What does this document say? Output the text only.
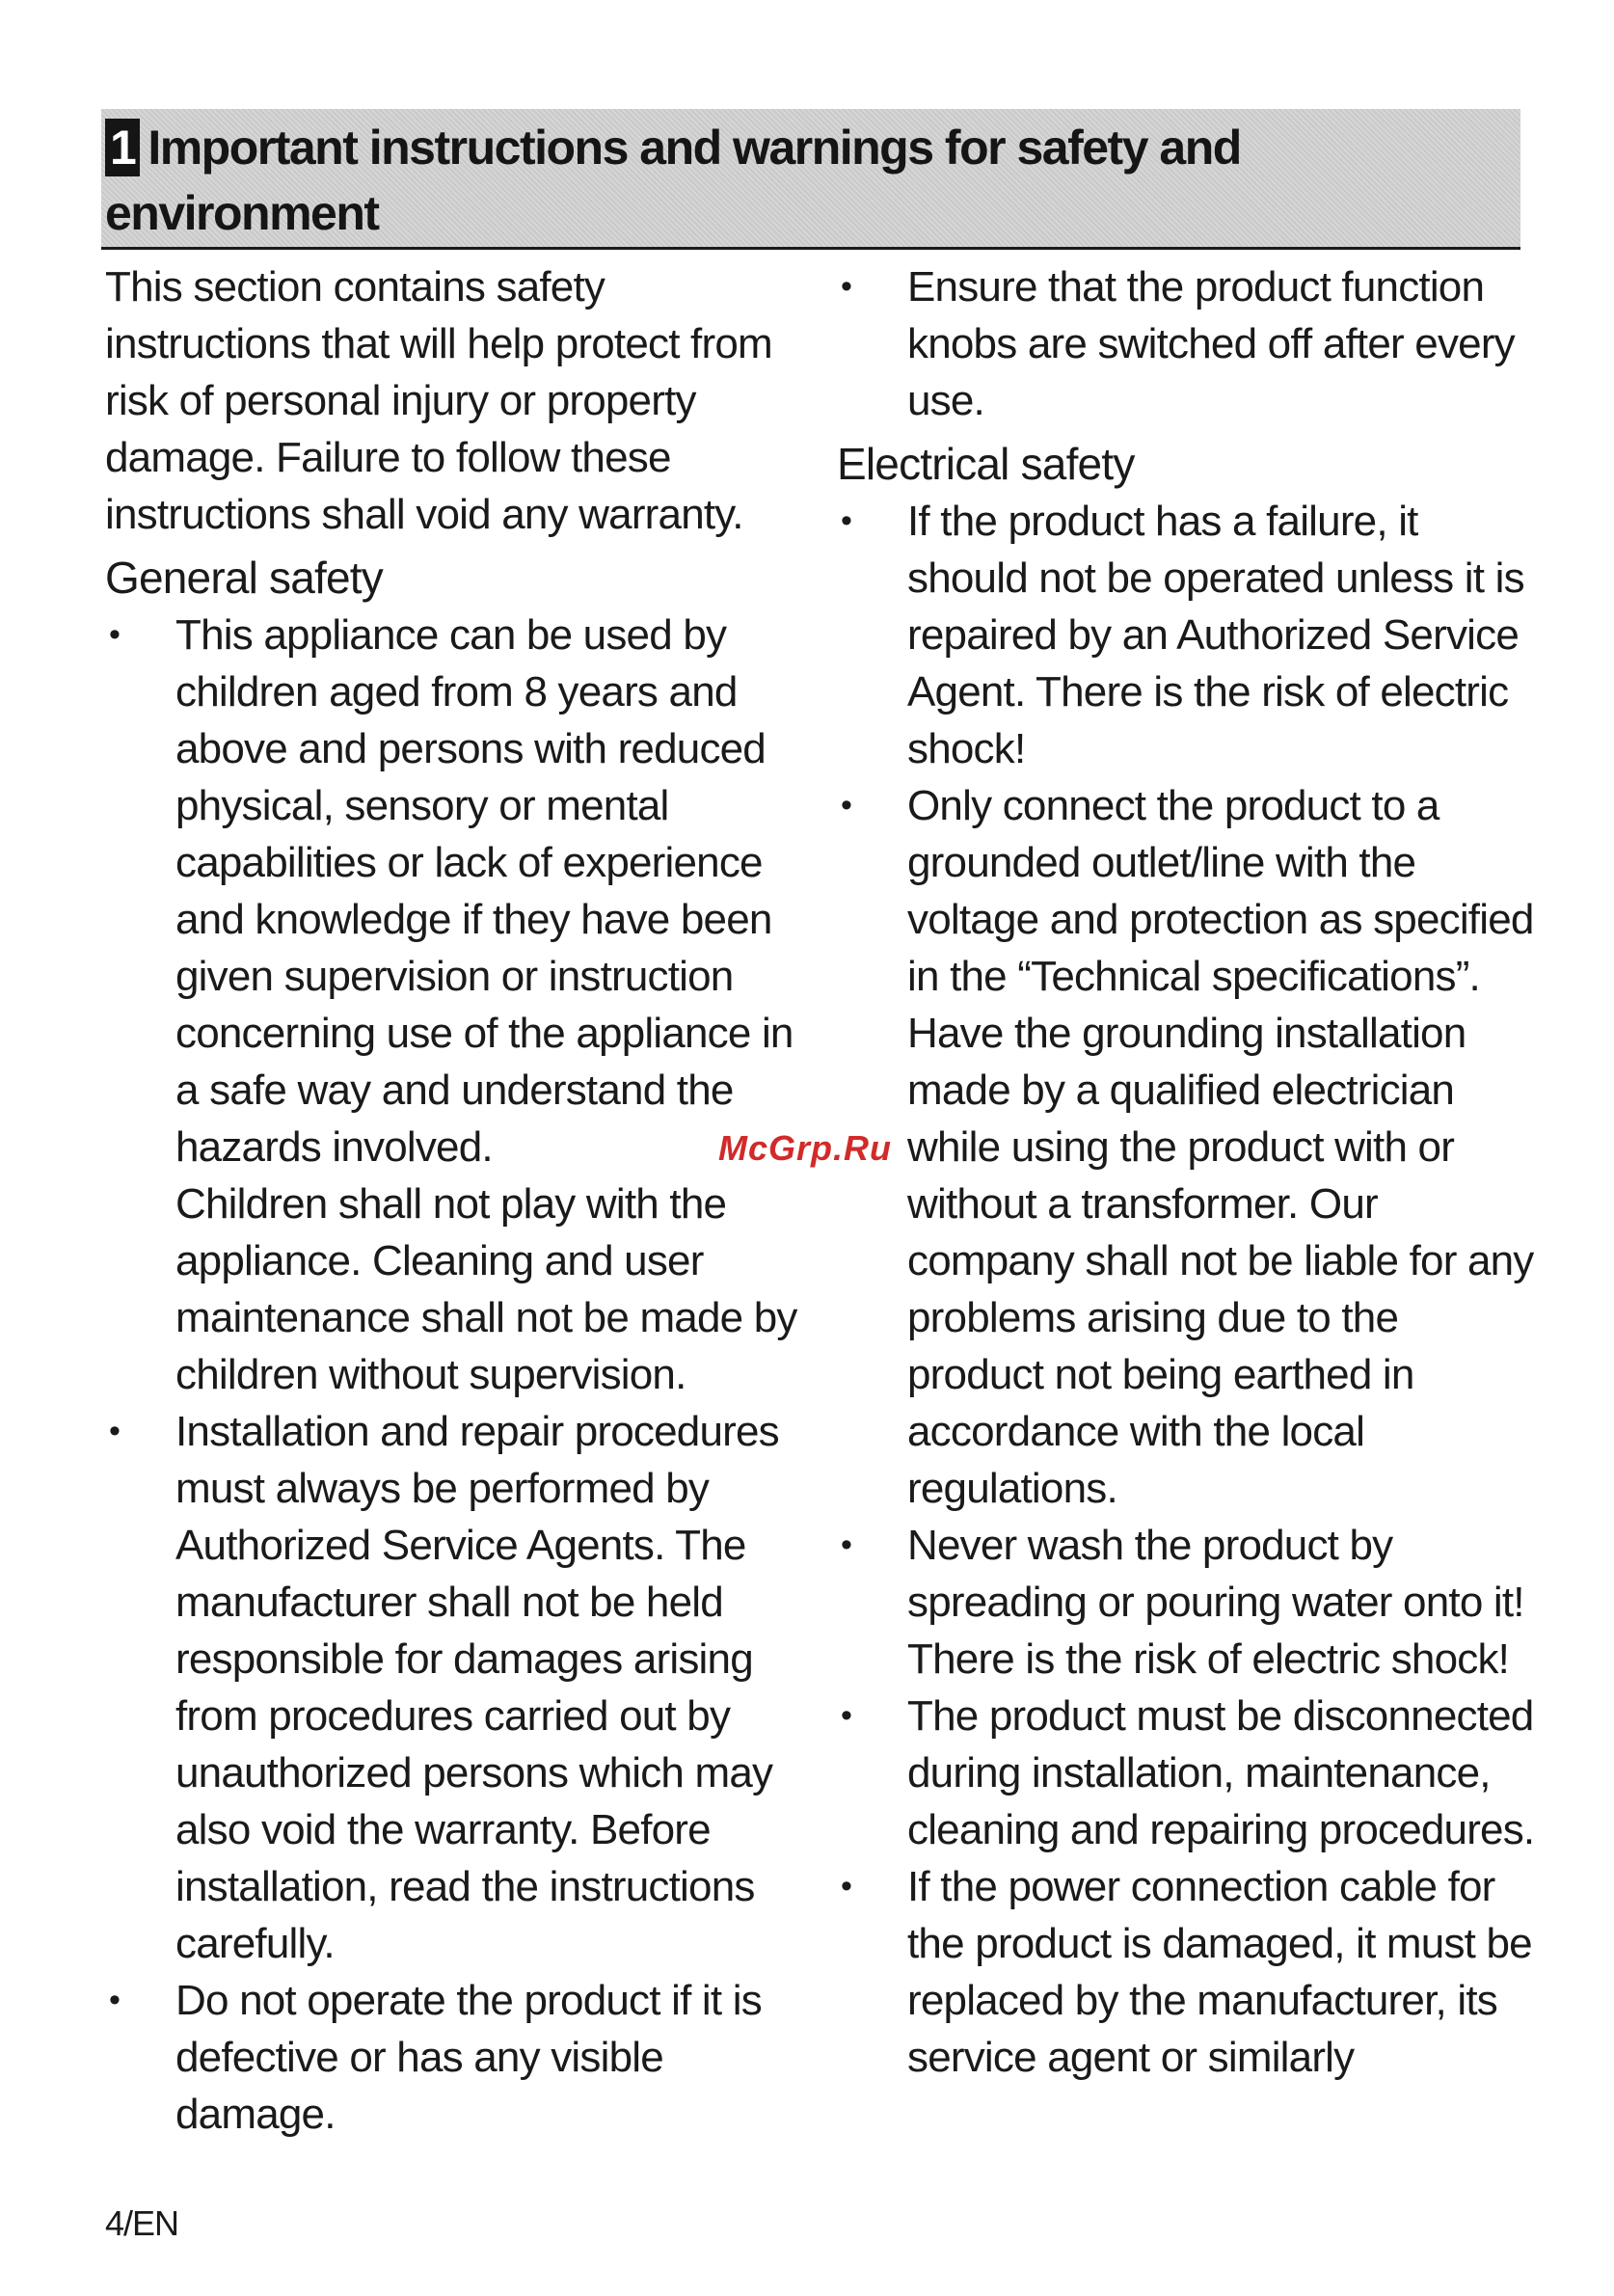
1 Important instructions and warnings for safety and environment

This section contains safety instructions that will help protect from risk of personal injury or property damage. Failure to follow these instructions shall void any warranty.

General safety
• This appliance can be used by children aged from 8 years and above and persons with reduced physical, sensory or mental capabilities or lack of experience and knowledge if they have been given supervision or instruction concerning use of the appliance in a safe way and understand the hazards involved.

Children shall not play with the appliance. Cleaning and user maintenance shall not be made by children without supervision.

• Installation and repair procedures must always be performed by Authorized Service Agents. The manufacturer shall not be held responsible for damages arising from procedures carried out by unauthorized persons which may also void the warranty. Before installation, read the instructions carefully.

• Do not operate the product if it is defective or has any visible damage.

• Ensure that the product function knobs are switched off after every use.

Electrical safety
• If the product has a failure, it should not be operated unless it is repaired by an Authorized Service Agent. There is the risk of electric shock!

• Only connect the product to a grounded outlet/line with the voltage and protection as specified in the “Technical specifications”. Have the grounding installation made by a qualified electrician while using the product with or without a transformer. Our company shall not be liable for any problems arising due to the product not being earthed in accordance with the local regulations.

• Never wash the product by spreading or pouring water onto it! There is the risk of electric shock!

• The product must be disconnected during installation, maintenance, cleaning and repairing procedures.

• If the power connection cable for the product is damaged, it must be replaced by the manufacturer, its service agent or similarly

McGrp.Ru
4/EN
